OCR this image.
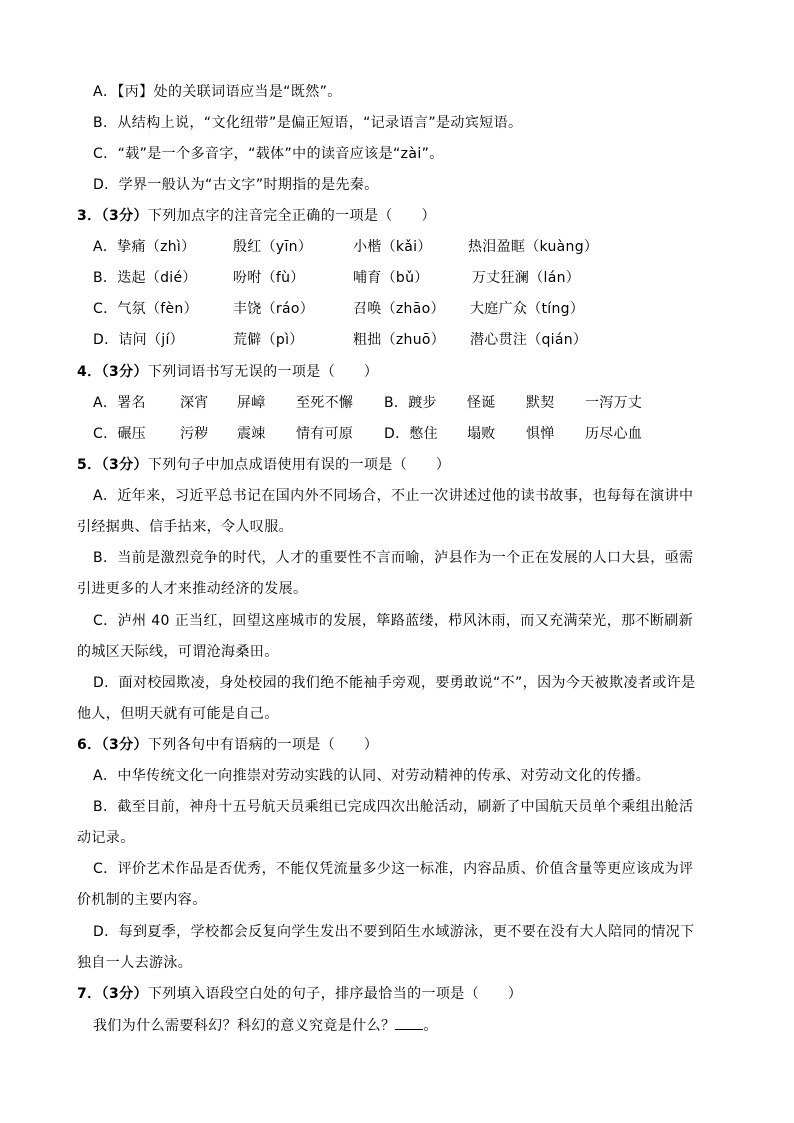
A．【丙】处的关联词语应当是“既然”。
B．从结构上说，“文化纽带”是偏正短语，“记录语言”是动宾短语。
C．“载”是一个多音字，“载体”中的读音应该是“zài”。
D．学界一般认为“古文字”时期指的是先秦。
3．（3分）下列加点字的注音完全正确的一项是（　　）
A．挚痛（zhì）	殷红（yīn）	小楷（kǎi）	热泪盈眶（kuàng）
B．迭起（dié）	吩咐（fù）	哺育（bǔ）	万丈狂澜（lán）
C．气氛（fèn）	丰饶（ráo）	召唤（zhāo） 大庭广众（tíng）
D．诘问（jí）	荒僻（pì）	粗拙（zhuō） 潜心贯注（qián）
4．（3分）下列词语书写无误的一项是（　　）
A．署名 深宵 屏嶂 至死不懈 B．踱步 怪诞 默契 一泻万丈
C．碾压 污秽 震竦 情有可原 D．憋住 塌败 惧惮 历尽心血
5．（3分）下列句子中加点成语使用有误的一项是（　　）
A．近年来，习近平总书记在国内外不同场合，不止一次讲述过他的读书故事，也每每在演讲中
引经据典、信手拈来，令人叹服。
B．当前是激烈竞争的时代，人才的重要性不言而喻，泸县作为一个正在发展的人口大县，亟需
引进更多的人才来推动经济的发展。
C．泸州 40 正当红，回望这座城市的发展，筚路蓝缕，栉风沐雨，而又充满荣光，那不断刷新
的城区天际线，可谓沧海桑田。
D．面对校园欺凌，身处校园的我们绝不能袖手旁观，要勇敢说“不”，因为今天被欺凌者或许是
他人，但明天就有可能是自己。
6．（3分）下列各句中有语病的一项是（　　）
A．中华传统文化一向推崇对劳动实践的认同、对劳动精神的传承、对劳动文化的传播。
B．截至目前，神舟十五号航天员乘组已完成四次出舱活动，刷新了中国航天员单个乘组出舱活
动记录。
C．评价艺术作品是否优秀，不能仅凭流量多少这一标准，内容品质、价值含量等更应该成为评
价机制的主要内容。
D．每到夏季，学校都会反复向学生发出不要到陌生水域游泳，更不要在没有大人陪同的情况下
独自一人去游泳。
7．（3分）下列填入语段空白处的句子，排序最恰当的一项是（　　）
我们为什么需要科幻？科幻的意义究竟是什么？ 。
